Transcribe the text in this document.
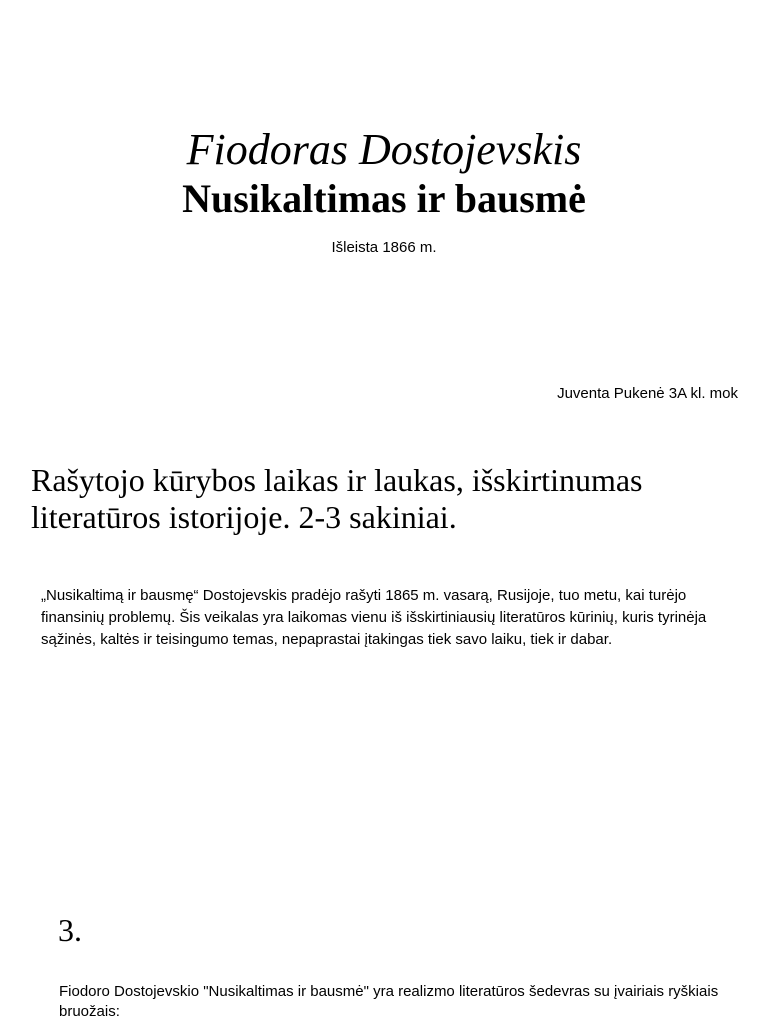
Fiodoras Dostojevskis
Nusikaltimas ir bausmė
Išleista 1866 m.
Juventa Pukenė 3A kl. mok
Rašytojo kūrybos laikas ir laukas, išskirtinumas literatūros istorijoje. 2-3 sakiniai.
„Nusikaltimą ir bausmę“ Dostojevskis pradėjo rašyti 1865 m. vasarą, Rusijoje, tuo metu, kai turėjo finansinių problemų. Šis veikalas yra laikomas vienu iš išskirtiniausių literatūros kūrinių, kuris tyrinėja sąžinės, kaltės ir teisingumo temas, nepaprastai įtakingas tiek savo laiku, tiek ir dabar.
3.
Fiodoro Dostojevskio "Nusikaltimas ir bausmė" yra realizmo literatūros šedevras su įvairiais ryškiais bruožais:
